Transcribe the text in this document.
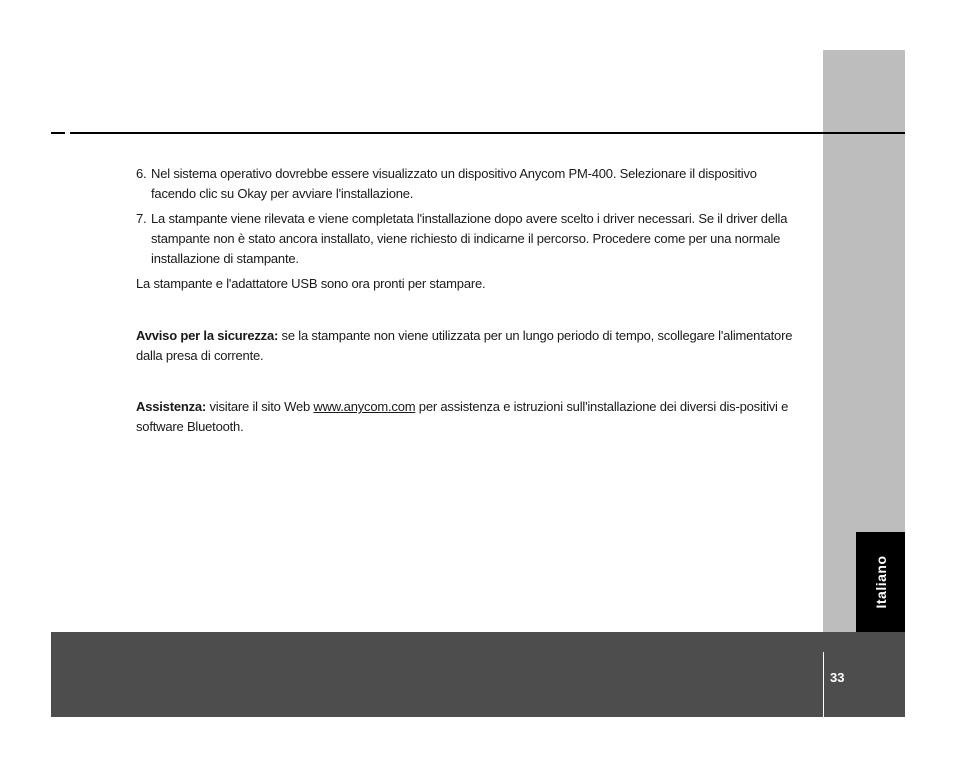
Italiano
6. Nel sistema operativo dovrebbe essere visualizzato un dispositivo Anycom PM-400. Selezionare il dispositivo facendo clic su Okay per avviare l'installazione.
7. La stampante viene rilevata e viene completata l'installazione dopo avere scelto i driver necessari. Se il driver della stampante non è stato ancora installato, viene richiesto di indicarne il percorso. Procedere come per una normale installazione di stampante.

La stampante e l'adattatore USB sono ora pronti per stampare.

Avviso per la sicurezza: se la stampante non viene utilizzata per un lungo periodo di tempo, scollegare l'alimentatore dalla presa di corrente.

Assistenza: visitare il sito Web www.anycom.com per assistenza e istruzioni sull'installazione dei diversi dis-positivi e software Bluetooth.

33
